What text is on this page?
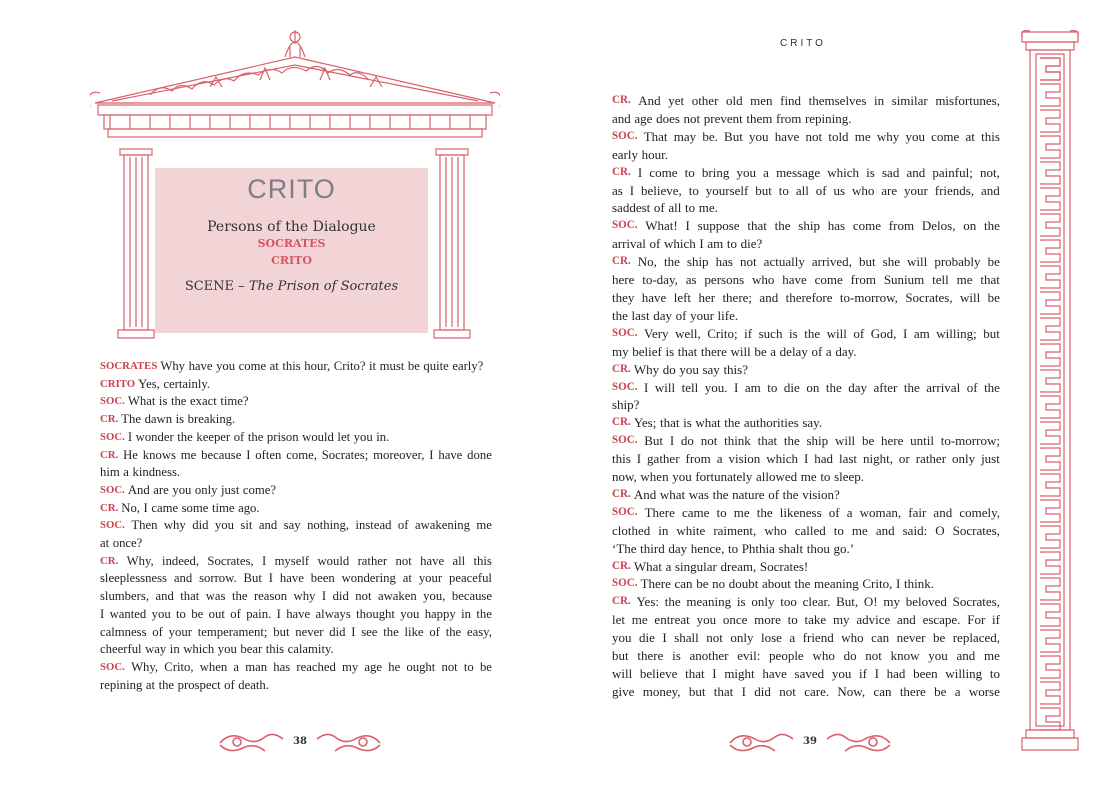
CRITO
Persons of the Dialogue
SOCRATES
CRITO
SCENE – The Prison of Socrates
SOCRATES Why have you come at this hour, Crito? it must be quite early?
CRITO Yes, certainly.
SOC. What is the exact time?
CR. The dawn is breaking.
SOC. I wonder the keeper of the prison would let you in.
CR. He knows me because I often come, Socrates; moreover, I have done
him a kindness.
SOC. And are you only just come?
CR. No, I came some time ago.
SOC. Then why did you sit and say nothing, instead of awakening me
at once?
CR. Why, indeed, Socrates, I myself would rather not have all this
sleeplessness and sorrow. But I have been wondering at your peaceful
slumbers, and that was the reason why I did not awaken you, because
I wanted you to be out of pain. I have always thought you happy in the
calmness of your temperament; but never did I see the like of the easy,
cheerful way in which you bear this calamity.
SOC. Why, Crito, when a man has reached my age he ought not to be
repining at the prospect of death.
38
CRITO
CR. And yet other old men find themselves in similar misfortunes,
and age does not prevent them from repining.
SOC. That may be. But you have not told me why you come at this
early hour.
CR. I come to bring you a message which is sad and painful; not,
as I believe, to yourself but to all of us who are your friends, and
saddest of all to me.
SOC. What! I suppose that the ship has come from Delos, on the
arrival of which I am to die?
CR. No, the ship has not actually arrived, but she will probably be
here to-day, as persons who have come from Sunium tell me that
they have left her there; and therefore to-morrow, Socrates, will be
the last day of your life.
SOC. Very well, Crito; if such is the will of God, I am willing; but
my belief is that there will be a delay of a day.
CR. Why do you say this?
SOC. I will tell you. I am to die on the day after the arrival of the
ship?
CR. Yes; that is what the authorities say.
SOC. But I do not think that the ship will be here until to-morrow;
this I gather from a vision which I had last night, or rather only just
now, when you fortunately allowed me to sleep.
CR. And what was the nature of the vision?
SOC. There came to me the likeness of a woman, fair and comely,
clothed in white raiment, who called to me and said: O Socrates,
‘The third day hence, to Phthia shalt thou go.’
CR. What a singular dream, Socrates!
SOC. There can be no doubt about the meaning Crito, I think.
CR. Yes: the meaning is only too clear. But, O! my beloved Socrates,
let me entreat you once more to take my advice and escape. For if
you die I shall not only lose a friend who can never be replaced,
but there is another evil: people who do not know you and me
will believe that I might have saved you if I had been willing to
give money, but that I did not care. Now, can there be a worse
39
